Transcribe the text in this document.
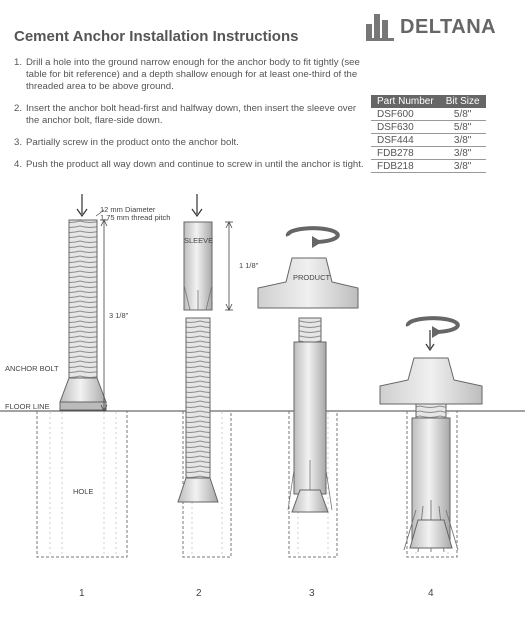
Cement Anchor Installation Instructions	DELTANA
1. Drill a hole into the ground narrow enough for the anchor body to fit tightly (see table for bit reference) and a depth shallow enough for at least one-third of the threaded area to be above ground.
2. Insert the anchor bolt head-first and halfway down, then insert the sleeve over the anchor bolt, flare-side down.
3. Partially screw in the product onto the anchor bolt.
4. Push the product all way down and continue to screw in until the anchor is tight.
Part Number	Bit Size
DSF600	5/8"
DSF630	5/8"
DSF444	3/8"
FDB278	3/8"
FDB218	3/8"
12 mm Diameter
1.75 mm thread pitch
SLEEVE
1 1/8"
3 1/8"
PRODUCT
ANCHOR BOLT
FLOOR LINE
HOLE
1	2	3	4
